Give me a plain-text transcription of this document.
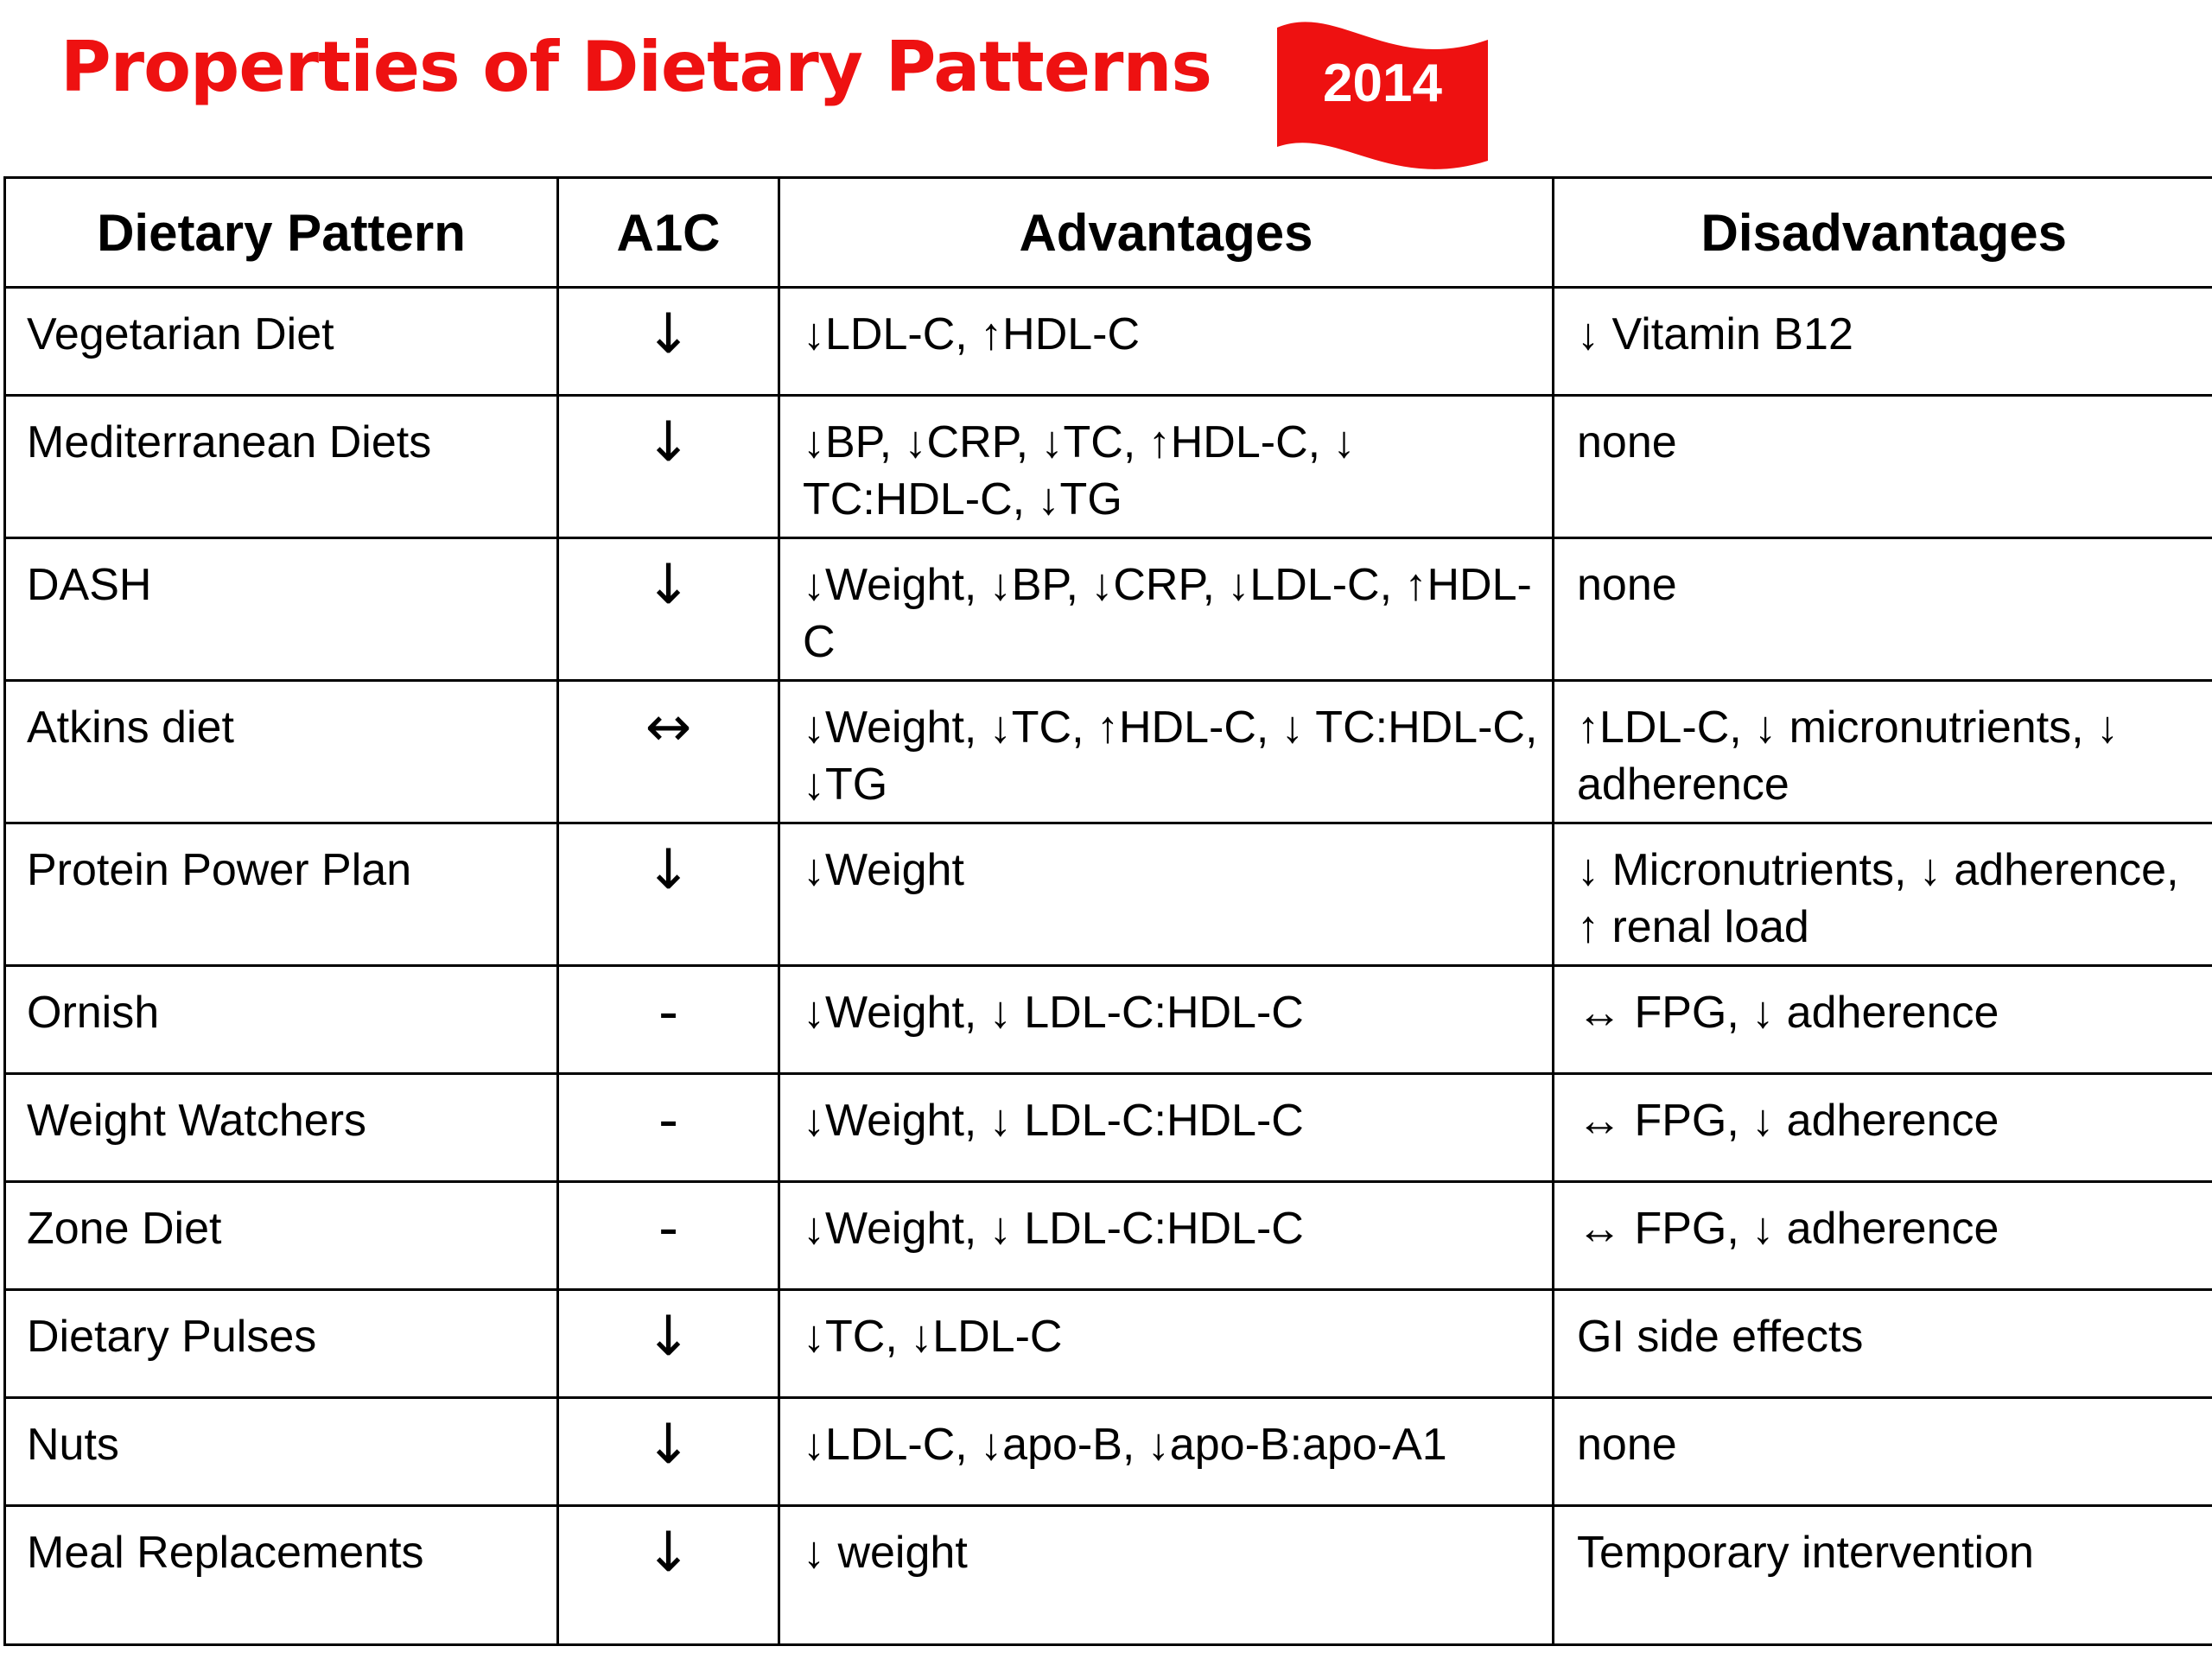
Properties of Dietary Patterns	2014
Dietary Pattern	A1C	Advantages	Disadvantages
Vegetarian Diet	↓	↓LDL-C, ↑HDL-C	↓ Vitamin B12
Mediterranean Diets	↓	↓BP, ↓CRP, ↓TC, ↑HDL-C, ↓ TC:HDL-C, ↓TG	none
DASH	↓	↓Weight, ↓BP, ↓CRP, ↓LDL-C, ↑HDL-C	none
Atkins diet	↔	↓Weight, ↓TC, ↑HDL-C, ↓ TC:HDL-C, ↓TG	↑LDL-C, ↓ micronutrients, ↓ adherence
Protein Power Plan	↓	↓Weight	↓ Micronutrients, ↓ adherence, ↑ renal load
Ornish	-	↓Weight, ↓ LDL-C:HDL-C	↔ FPG, ↓ adherence
Weight Watchers	-	↓Weight, ↓ LDL-C:HDL-C	↔ FPG, ↓ adherence
Zone Diet	-	↓Weight, ↓ LDL-C:HDL-C	↔ FPG, ↓ adherence
Dietary Pulses	↓	↓TC, ↓LDL-C	GI side effects
Nuts	↓	↓LDL-C, ↓apo-B, ↓apo-B:apo-A1	none
Meal Replacements	↓	↓ weight	Temporary intervention
